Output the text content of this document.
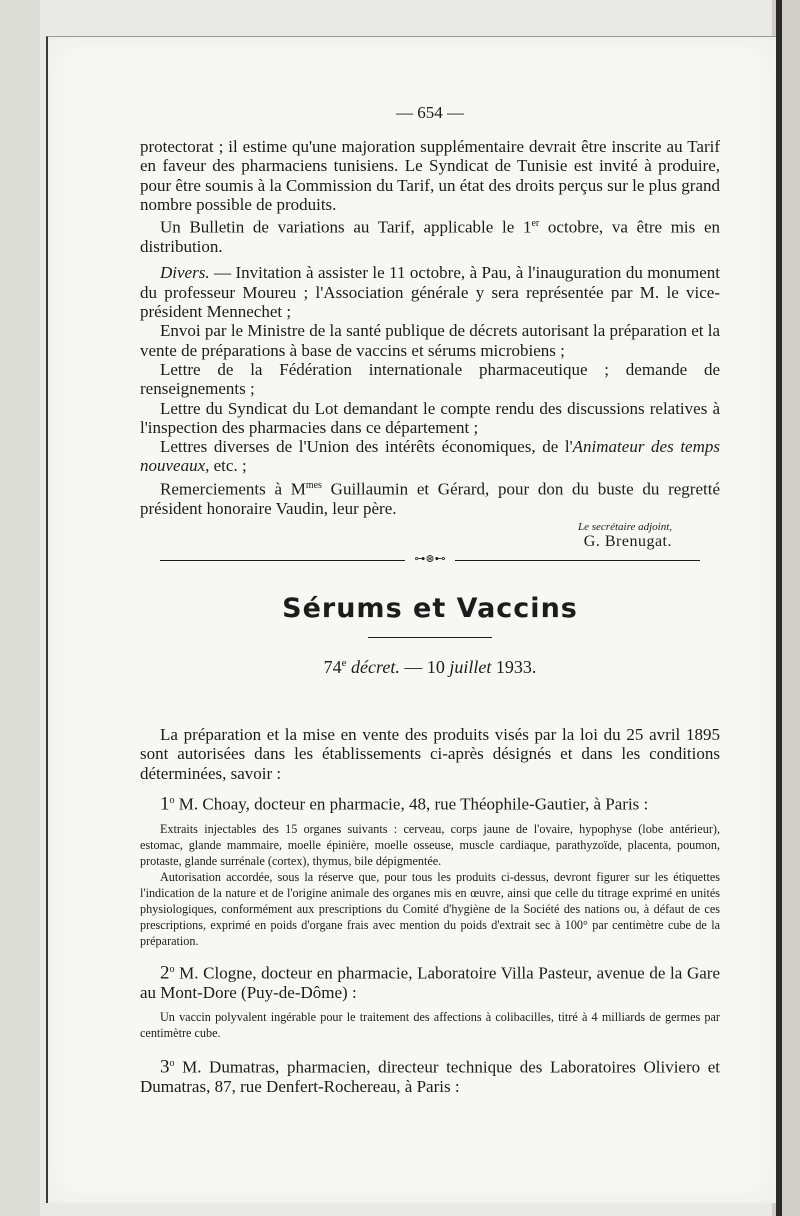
— 654 —

protectorat ; il estime qu'une majoration supplémentaire devrait être inscrite au Tarif en faveur des pharmaciens tunisiens. Le Syndicat de Tunisie est invité à produire, pour être soumis à la Commission du Tarif, un état des droits perçus sur le plus grand nombre possible de produits.

Un Bulletin de variations au Tarif, applicable le 1er octobre, va être mis en distribution.

Divers. — Invitation à assister le 11 octobre, à Pau, à l'inauguration du monument du professeur Moureu ; l'Association générale y sera représentée par M. le vice-président Mennechet ;

Envoi par le Ministre de la santé publique de décrets autorisant la préparation et la vente de préparations à base de vaccins et sérums microbiens ;

Lettre de la Fédération internationale pharmaceutique ; demande de renseignements ;

Lettre du Syndicat du Lot demandant le compte rendu des discussions relatives à l'inspection des pharmacies dans ce département ;

Lettres diverses de l'Union des intérêts économiques, de l'Animateur des temps nouveaux, etc. ;

Remerciements à $M^{mes}$ Guillaumin et Gérard, pour don du buste du regretté président honoraire Vaudin, leur père.

Le secrétaire adjoint,

G. Brenugat.

⊶⊛⊷
Sérums et Vaccins
74e décret. — 10 juillet 1933.

La préparation et la mise en vente des produits visés par la loi du 25 avril 1895 sont autorisées dans les établissements ci-après désignés et dans les conditions déterminées, savoir :

1$^o$ M. Choay, docteur en pharmacie, 48, rue Théophile-Gautier, à Paris :

Extraits injectables des 15 organes suivants : cerveau, corps jaune de l'ovaire, hypophyse (lobe antérieur), estomac, glande mammaire, moelle épinière, moelle osseuse, muscle cardiaque, parathyzoïde, placenta, poumon, protaste, glande surrénale (cortex), thymus, bile dépigmentée.

Autorisation accordée, sous la réserve que, pour tous les produits ci-dessus, devront figurer sur les étiquettes l'indication de la nature et de l'origine animale des organes mis en œuvre, ainsi que celle du titrage exprimé en unités physiologiques, conformément aux prescriptions du Comité d'hygiène de la Société des nations ou, à défaut de ces prescriptions, exprimé en poids d'organe frais avec mention du poids d'extrait sec à 100° par centimètre cube de la préparation.

2$^o$ M. Clogne, docteur en pharmacie, Laboratoire Villa Pasteur, avenue de la Gare au Mont-Dore (Puy-de-Dôme) :

Un vaccin polyvalent ingérable pour le traitement des affections à colibacilles, titré à 4 milliards de germes par centimètre cube.

3$^o$ M. Dumatras, pharmacien, directeur technique des Laboratoires Oliviero et Dumatras, 87, rue Denfert-Rochereau, à Paris :
